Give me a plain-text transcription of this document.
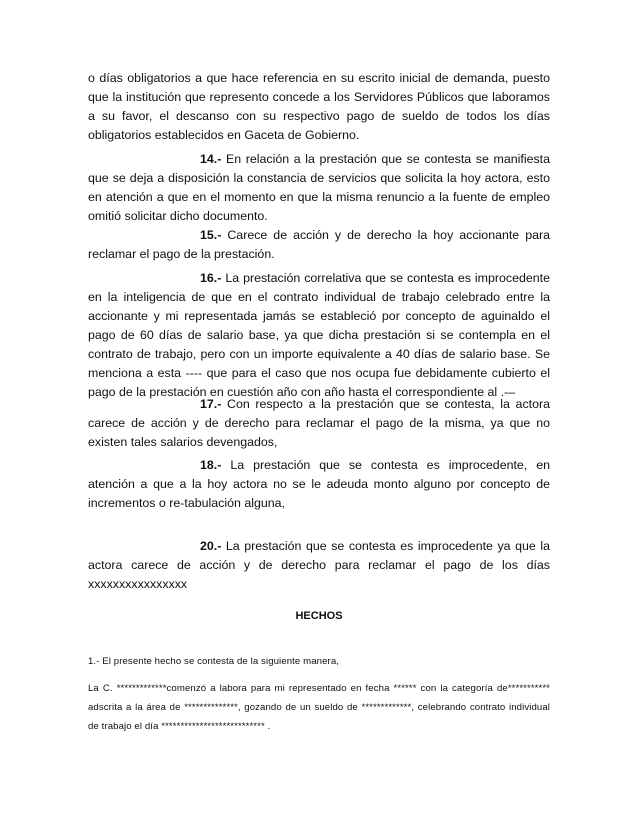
o días obligatorios a que hace referencia en su escrito inicial de demanda, puesto que la institución que represento concede a los Servidores Públicos que laboramos a su favor, el descanso con su respectivo pago de sueldo de todos los días obligatorios establecidos en Gaceta de Gobierno.

14.- En relación a la prestación que se contesta se manifiesta que se deja a disposición la constancia de servicios que solicita la hoy actora, esto en atención a que en el momento en que la misma renuncio a la fuente de empleo omitió solicitar dicho documento.

15.- Carece de acción y de derecho la hoy accionante para reclamar el pago de la prestación.

16.- La prestación correlativa que se contesta es improcedente en la inteligencia de que en el contrato individual de trabajo celebrado entre la accionante y mi representada jamás se estableció por concepto de aguinaldo el pago de 60 días de salario base, ya que dicha prestación si se contempla en el contrato de trabajo, pero con un importe equivalente a 40 días de salario base. Se menciona a esta ---- que para el caso que nos ocupa fue debidamente cubierto el pago de la prestación en cuestión año con año hasta el correspondiente al .-–

17.- Con respecto a la prestación que se contesta, la actora carece de acción y de derecho para reclamar el pago de la misma, ya que no existen tales salarios devengados,

18.- La prestación que se contesta es improcedente, en atención a que a la hoy actora no se le adeuda monto alguno por concepto de incrementos o re-tabulación alguna,

20.- La prestación que se contesta es improcedente ya que la actora carece de acción y de derecho para reclamar el pago de los días xxxxxxxxxxxxxxxx

HECHOS

1.- El presente hecho se contesta de la siguiente manera,

La C. *************comenzó a labora para mi representado en fecha ****** con la categoría de*********** adscrita a la área de **************, gozando de un sueldo de *************, celebrando contrato individual de trabajo el día *************************** .
